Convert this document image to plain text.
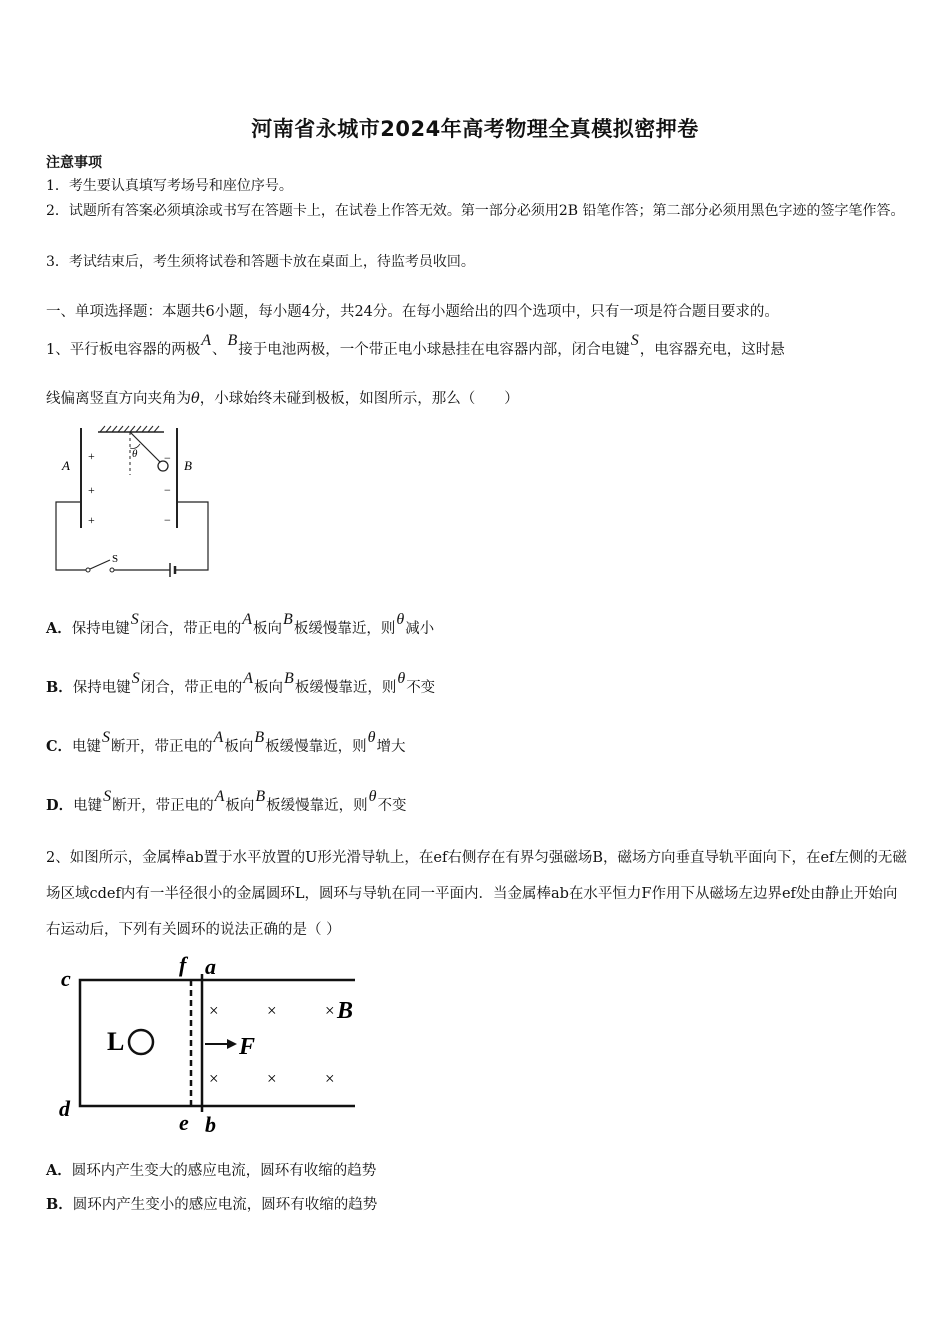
河南省永城市2024年高考物理全真模拟密押卷
注意事项
1．考生要认真填写考场号和座位序号。
2．试题所有答案必须填涂或书写在答题卡上，在试卷上作答无效。第一部分必须用2B 铅笔作答；第二部分必须用黑色字迹的签字笔作答。
3．考试结束后，考生须将试卷和答题卡放在桌面上，待监考员收回。
一、单项选择题：本题共6小题，每小题4分，共24分。在每小题给出的四个选项中，只有一项是符合题目要求的。
1、平行板电容器的两极A、B接于电池两极，一个带正电小球悬挂在电容器内部，闭合电键S，电容器充电，这时悬
线偏离竖直方向夹角为θ，小球始终未碰到极板，如图所示，那么（　　）
θ
A	B
+
+
+
−
−
−
S
A．保持电键S闭合，带正电的A板向B板缓慢靠近，则θ减小
B．保持电键S闭合，带正电的A板向B板缓慢靠近，则θ不变
C．电键S断开，带正电的A板向B板缓慢靠近，则θ增大
D．电键S断开，带正电的A板向B板缓慢靠近，则θ不变
2、如图所示，金属棒ab置于水平放置的U形光滑导轨上，在ef右侧存在有界匀强磁场B，磁场方向垂直导轨平面向下，在ef左侧的无磁场区域cdef内有一半径很小的金属圆环L，圆环与导轨在同一平面内．当金属棒ab在水平恒力F作用下从磁场左边界ef处由静止开始向右运动后，下列有关圆环的说法正确的是（ ）
c
d
f a
e b
L	F
×	×	× B
×	×	×
A．圆环内产生变大的感应电流，圆环有收缩的趋势
B．圆环内产生变小的感应电流，圆环有收缩的趋势
